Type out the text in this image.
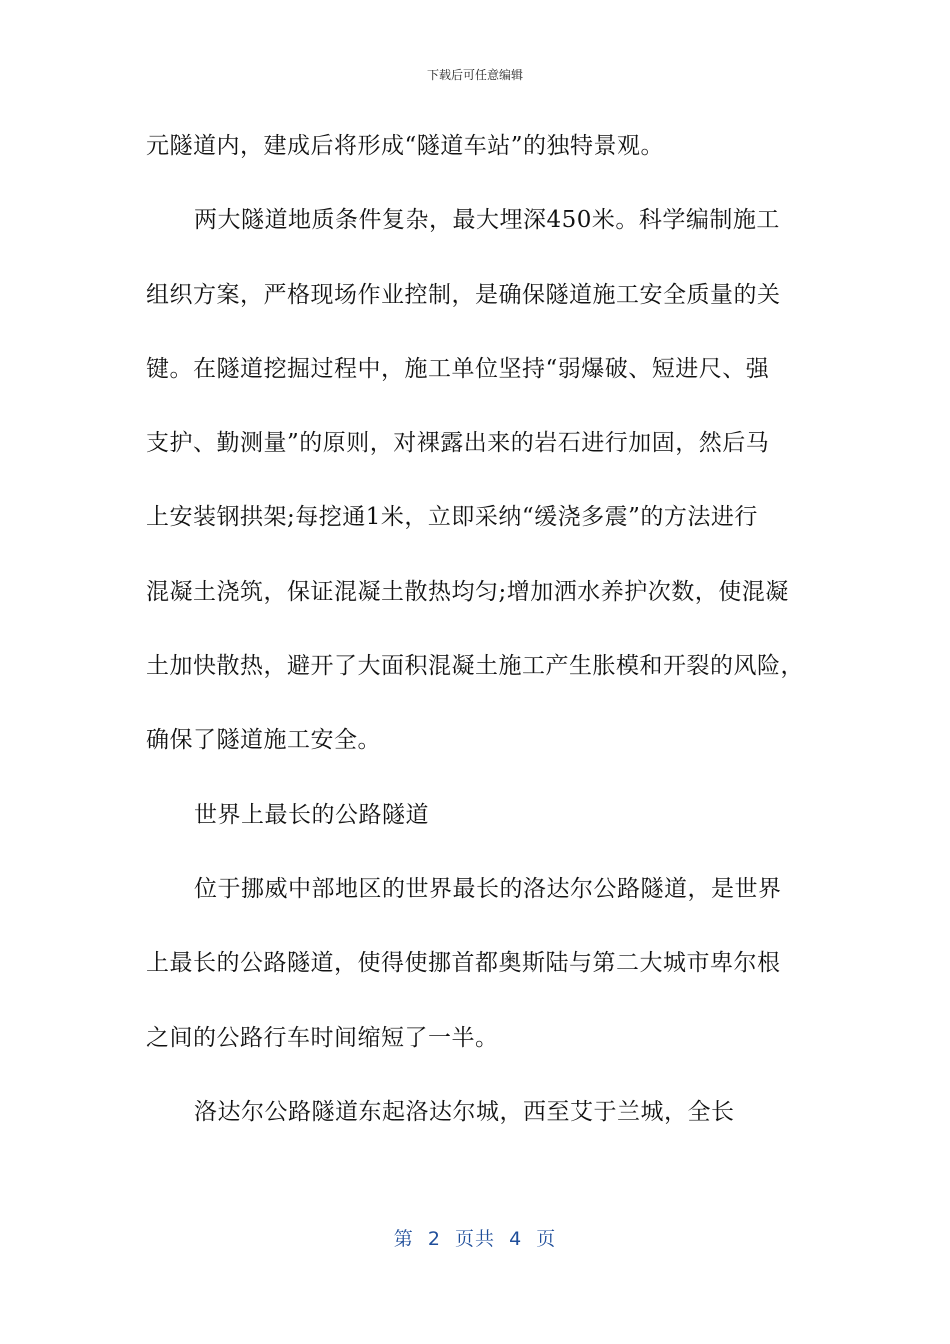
下载后可任意编辑
元隧道内，建成后将形成“隧道车站”的独特景观。
两大隧道地质条件复杂，最大埋深450米。科学编制施工
组织方案，严格现场作业控制，是确保隧道施工安全质量的关
键。在隧道挖掘过程中，施工单位坚持“弱爆破、短进尺、强
支护、勤测量”的原则，对裸露出来的岩石进行加固，然后马
上安装钢拱架;每挖通1米，立即采纳“缓浇多震”的方法进行
混凝土浇筑，保证混凝土散热均匀;增加洒水养护次数，使混凝
土加快散热，避开了大面积混凝土施工产生胀模和开裂的风险，
确保了隧道施工安全。
世界上最长的公路隧道
位于挪威中部地区的世界最长的洛达尔公路隧道，是世界
上最长的公路隧道，使得使挪首都奥斯陆与第二大城市卑尔根
之间的公路行车时间缩短了一半。
洛达尔公路隧道东起洛达尔城，西至艾于兰城，全长
第  2  页共  4  页
